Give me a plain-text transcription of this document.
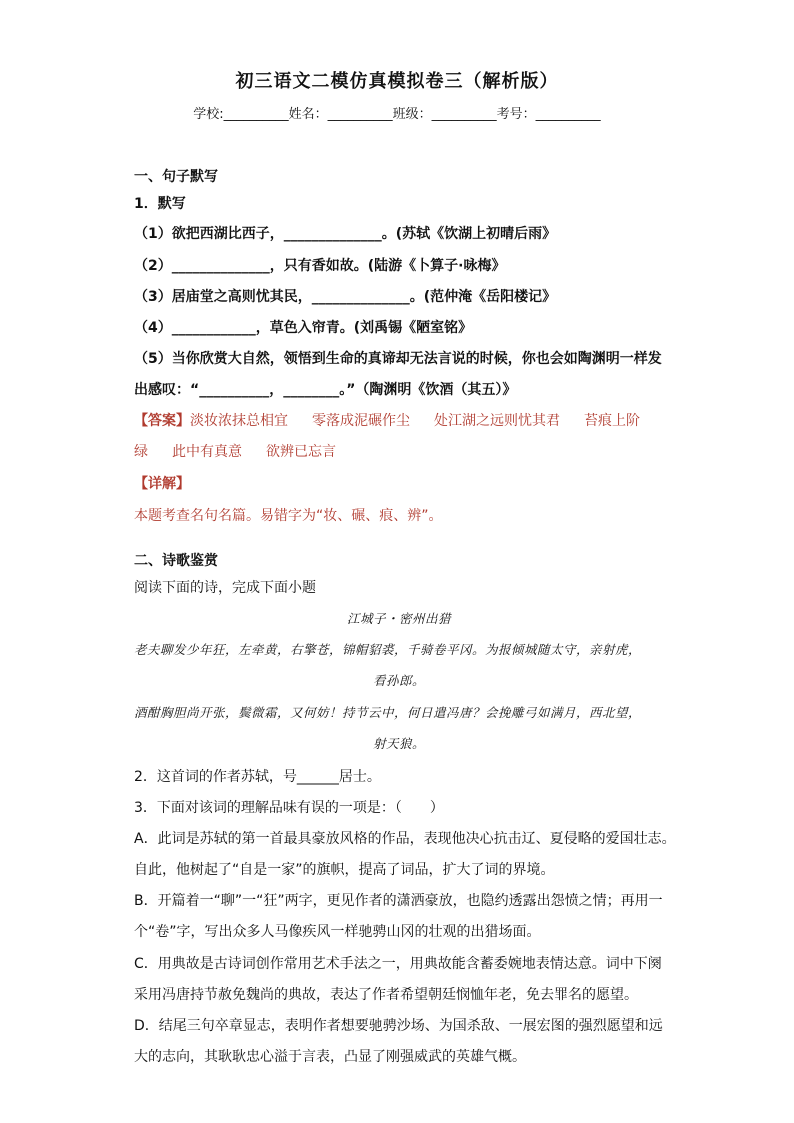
初三语文二模仿真模拟卷三（解析版）
学校:__________姓名：__________班级：__________考号：__________
一、句子默写
1．默写
（1）欲把西湖比西子，______________。(苏轼《饮湖上初晴后雨》
（2）______________，只有香如故。(陆游《卜算子·咏梅》
（3）居庙堂之高则忧其民，______________。(范仲淹《岳阳楼记》
（4）____________，草色入帘青。(刘禹锡《陋室铭》
（5）当你欣赏大自然，领悟到生命的真谛却无法言说的时候，你也会如陶渊明一样发
出感叹：“__________，________。”（陶渊明《饮酒（其五）》
【答案】淡妆浓抹总相宜 零落成泥碾作尘 处江湖之远则忧其君 苔痕上阶
绿 此中有真意 欲辨已忘言
【详解】
本题考查名句名篇。易错字为“妆、碾、痕、辨”。
二、诗歌鉴赏
阅读下面的诗，完成下面小题
江城子・密州出猎
老夫聊发少年狂，左牵黄，右擎苍，锦帽貂裘，千骑卷平冈。为报倾城随太守，亲射虎，
看孙郎。
酒酣胸胆尚开张，鬓微霜，又何妨！持节云中，何日遣冯唐？会挽雕弓如满月，西北望，
射天狼。
2．这首词的作者苏轼，号______居士。
3．下面对该词的理解品味有误的一项是：（　　）
A．此词是苏轼的第一首最具豪放风格的作品，表现他决心抗击辽、夏侵略的爱国壮志。
自此，他树起了“自是一家”的旗帜，提高了词品，扩大了词的界境。
B．开篇着一“聊”一“狂”两字，更见作者的潇洒豪放，也隐约透露出怨愤之情；再用一
个“卷”字，写出众多人马像疾风一样驰骋山冈的壮观的出猎场面。
C．用典故是古诗词创作常用艺术手法之一，用典故能含蓄委婉地表情达意。词中下阕
采用冯唐持节赦免魏尚的典故，表达了作者希望朝廷悯恤年老，免去罪名的愿望。
D．结尾三句卒章显志，表明作者想要驰骋沙场、为国杀敌、一展宏图的强烈愿望和远
大的志向，其耿耿忠心溢于言表，凸显了刚强威武的英雄气概。
